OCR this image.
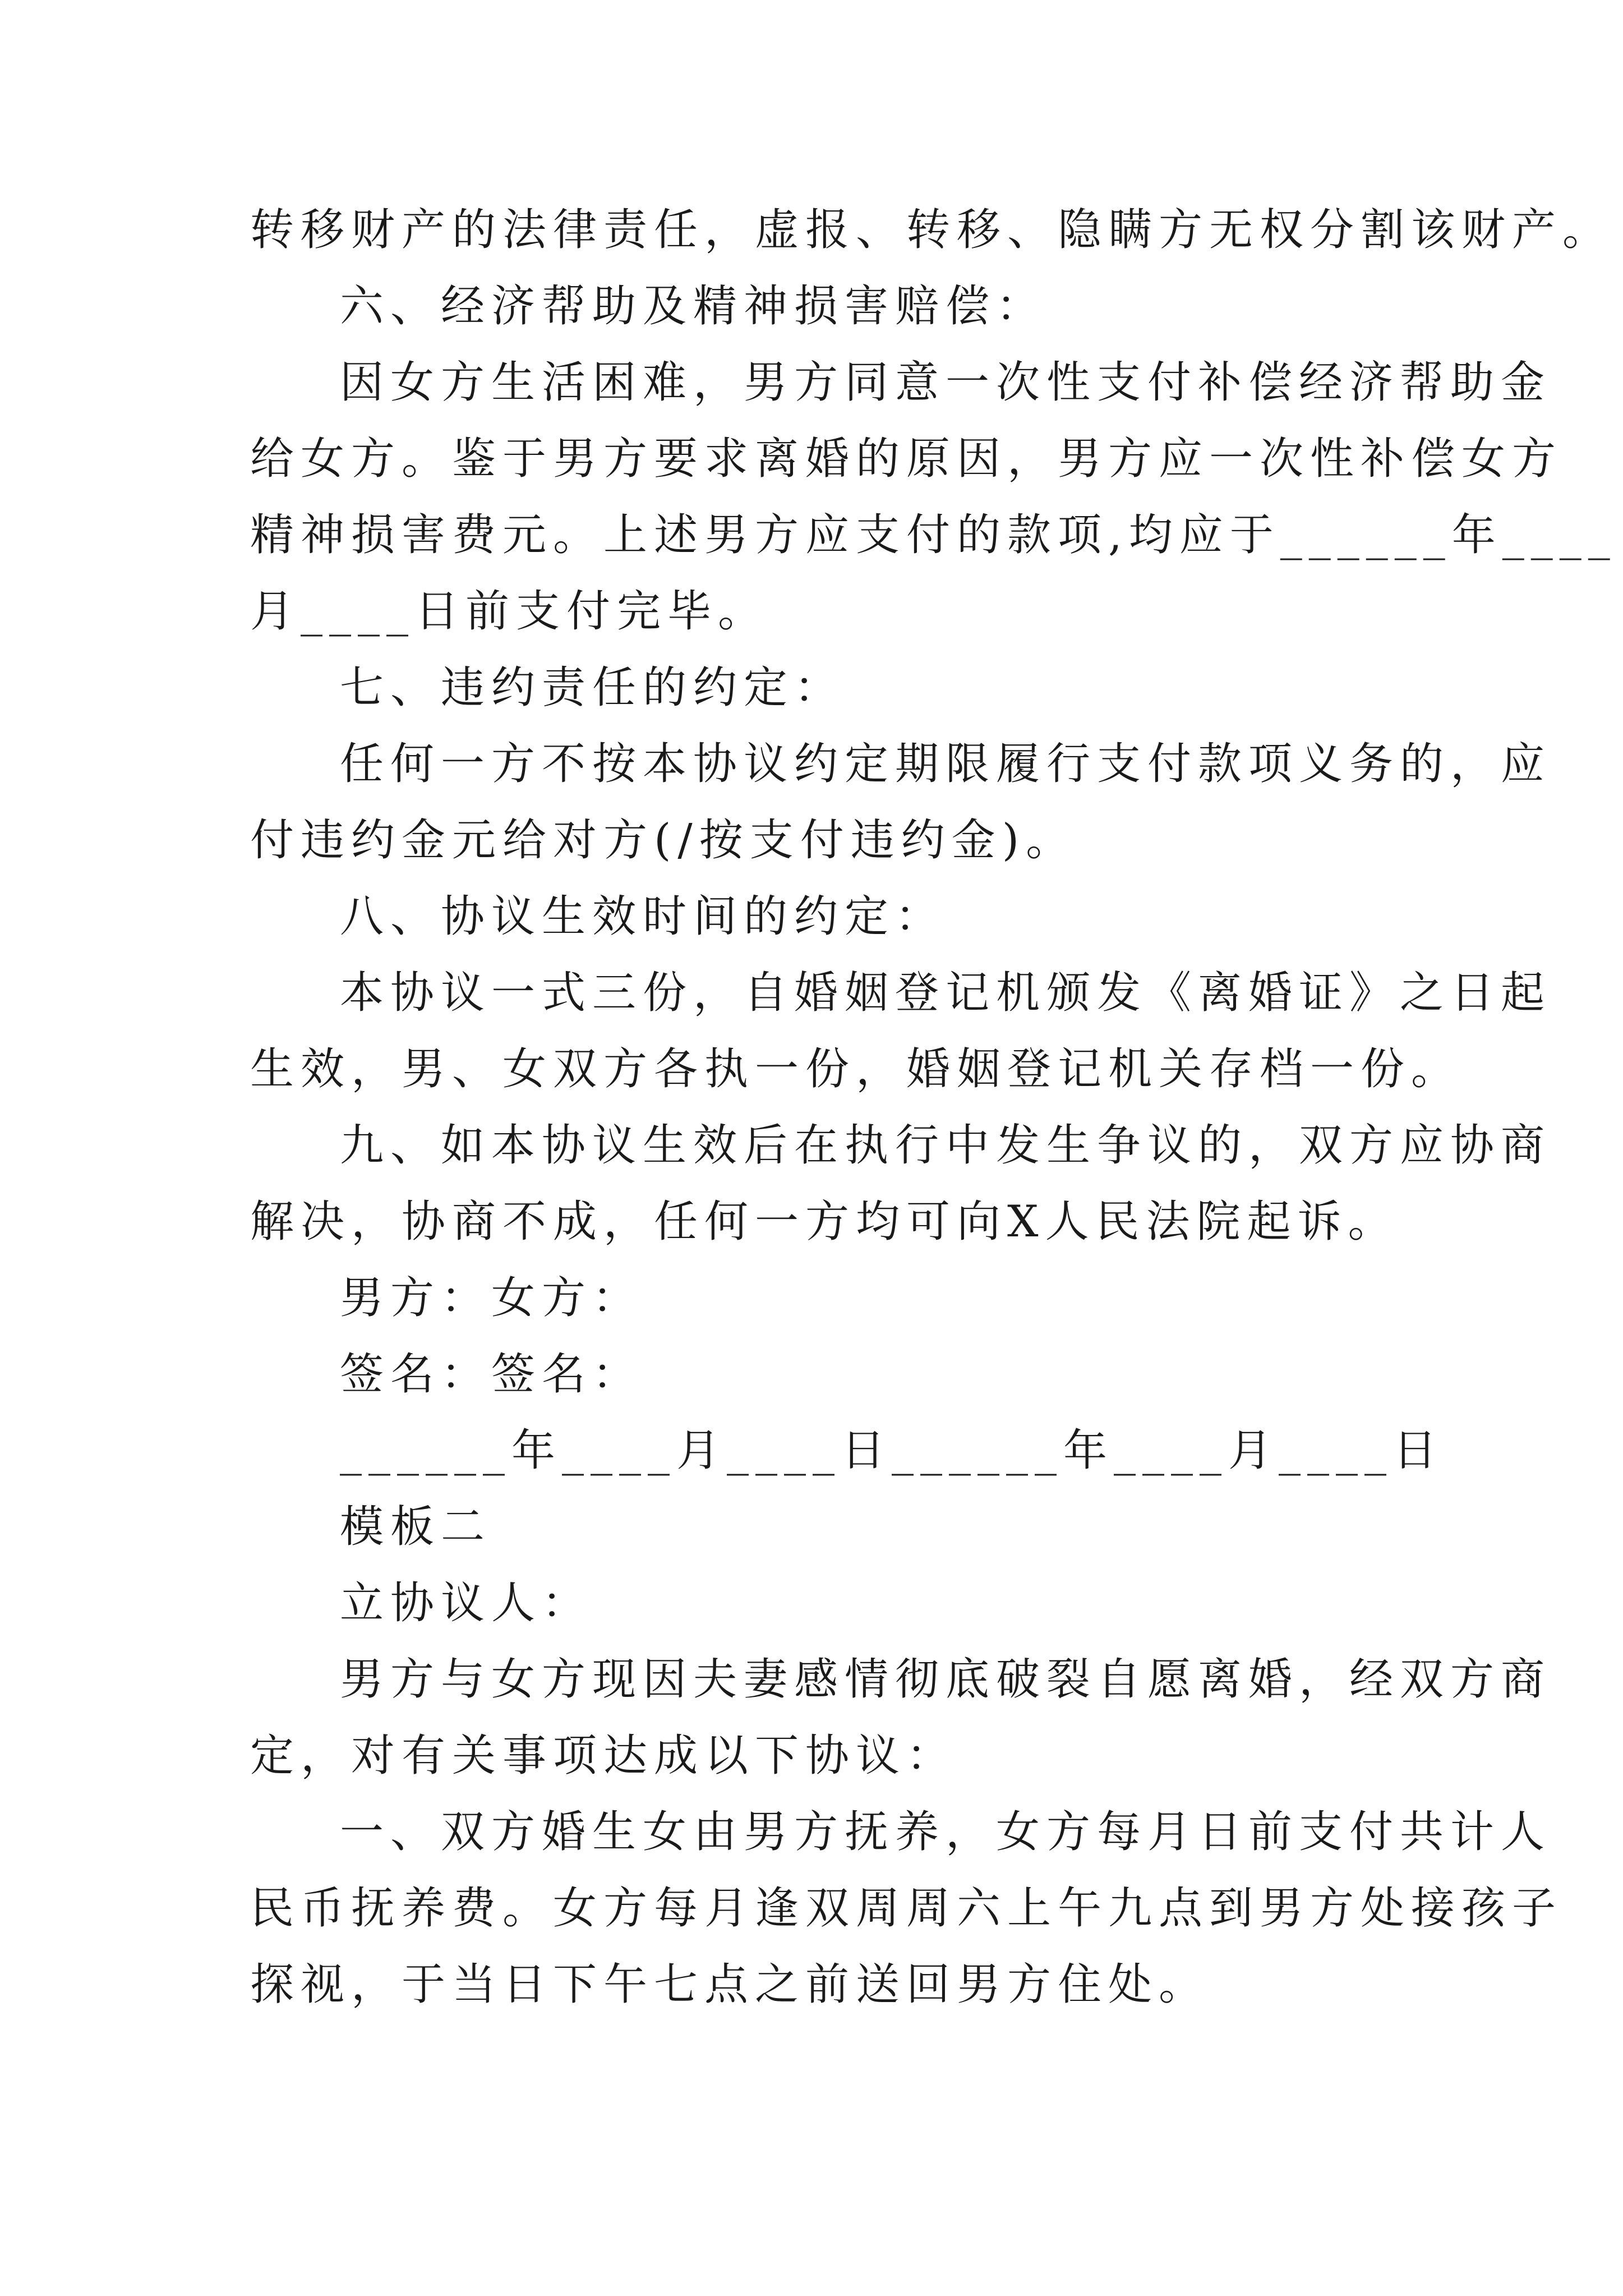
转移财产的法律责任，虚报、转移、隐瞒方无权分割该财产。
六、经济帮助及精神损害赔偿：
因女方生活困难，男方同意一次性支付补偿经济帮助金
给女方。鉴于男方要求离婚的原因，男方应一次性补偿女方
精神损害费元。上述男方应支付的款项,均应于______年____
月____日前支付完毕。
七、违约责任的约定：
任何一方不按本协议约定期限履行支付款项义务的，应
付违约金元给对方(/按支付违约金)。
八、协议生效时间的约定：
本协议一式三份，自婚姻登记机颁发《离婚证》之日起
生效，男、女双方各执一份，婚姻登记机关存档一份。
九、如本协议生效后在执行中发生争议的，双方应协商
解决，协商不成，任何一方均可向X人民法院起诉。
男方：女方：
签名：签名：
______年____月____日______年____月____日
模板二
立协议人：
男方与女方现因夫妻感情彻底破裂自愿离婚，经双方商
定，对有关事项达成以下协议：
一、双方婚生女由男方抚养，女方每月日前支付共计人
民币抚养费。女方每月逢双周周六上午九点到男方处接孩子
探视，于当日下午七点之前送回男方住处。
